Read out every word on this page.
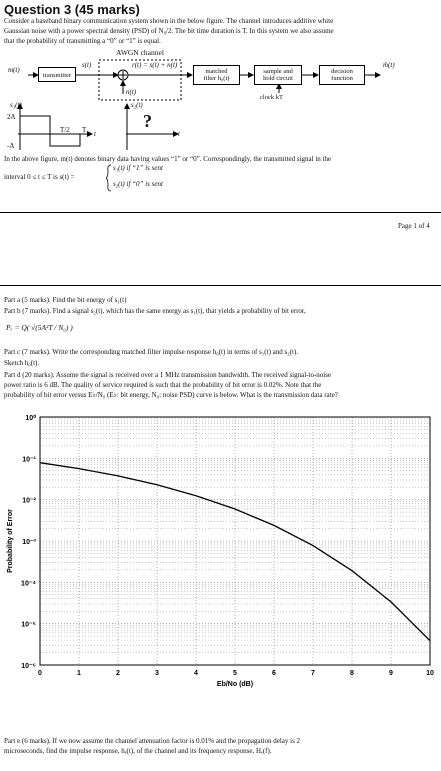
Question 3 (45 marks)
Consider a baseband binary communication system shown in the below figure. The channel introduces additive white
Gaussian noise with a power spectral density (PSD) of N₀/2. The bit time duration is T. In this system we also assume
that the probability of transmitting a “0” or “1” is equal.
AWGN channel
m(t)
transmitter
s(t)	r(t) = s(t) + n(t)
n(t)
matched
filter h₀(t)
sample and
hold circuit
clock kT
decision
function
m̂(t)
s₁(t)
2A
-A
T/2 T t
s₂(t)
?
t
In the above figure, m(t) denotes binary data having values “1” or “0”. Correspondingly, the transmitted signal in the
interval 0 ≤ t ≤ T is s(t) =
s₁(t) if “1” is sent
s₂(t) if “0” is sent
Page 1 of 4
Part a (5 marks). Find the bit energy of s₁(t)
Part b (7 marks). Find a signal s₂(t), which has the same energy as s₁(t), that yields a probability of bit error,
Pₑ = Q( √(5A²T / N₀) )
Part c (7 marks). Write the corresponding matched filter impulse response h₀(t) in terms of s₁(t) and s₂(t).
Sketch h₀(t).
Part d (20 marks). Assume the signal is received over a 1 MHz transmission bandwidth. The received signal-to-noise
power ratio is 6 dB. The quality of service required is such that the probability of bit error is 0.02%. Note that the
probability of bit error versus E♭/N₀ (E♭: bit energy, N₀: noise PSD) curve is below. What is the transmission data rate?
0	1	2	3	4	5	6	7	8	9	10
10⁰
10⁻¹
10⁻²
10⁻³
10⁻⁴
10⁻⁵
10⁻⁶
Eb/No (dB)
Probability of Error
Part e (6 marks). If we now assume the channel attenuation factor is 0.01% and the propagation delay is 2
microseconds, find the impulse response, hₑ(t), of the channel and its frequency response, Hₑ(f).
